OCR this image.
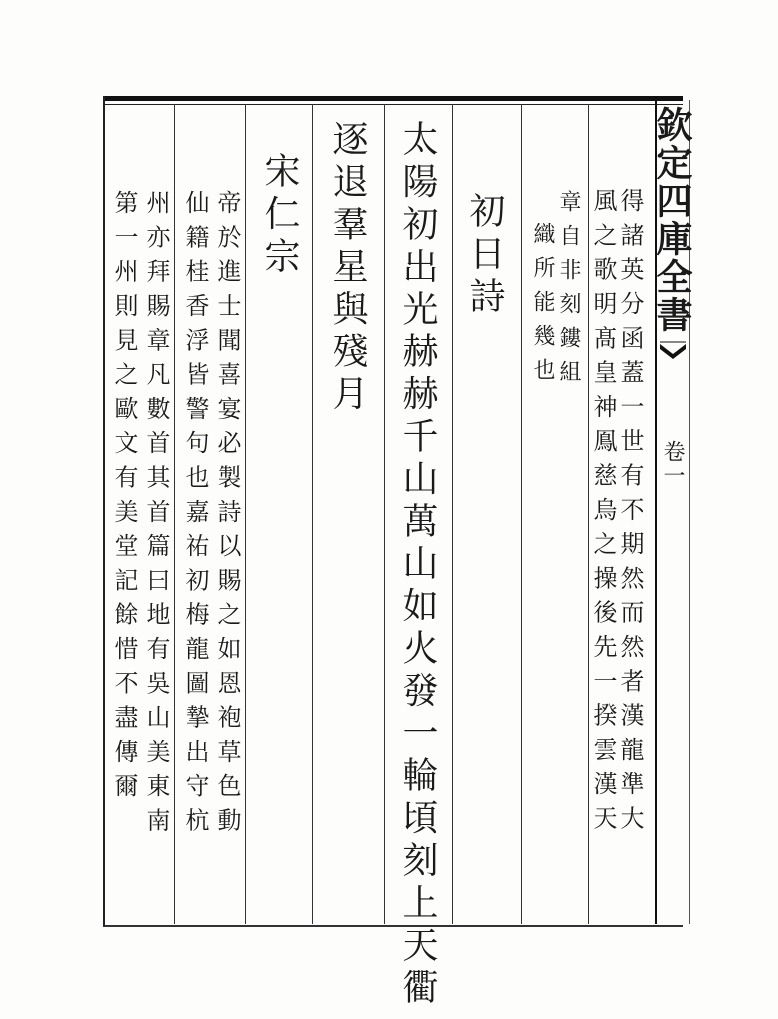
欽定四庫全書
卷一
得諸英分函蓋一世有不期然而然者漢龍準大
風之歌明髙皇神鳯慈烏之操後先一揆雲漢天
章自非刻鏤組
織所能幾也
初日詩
太陽初出光赫赫千山萬山如火發一輪頃刻上天衢
逐退羣星與殘月
宋仁宗
帝於進士聞喜宴必製詩以賜之如恩袍草色動
仙籍桂香浮皆警句也嘉祐初梅龍圖摯出守杭
州亦拜賜章凡數首其首篇曰地有吳山美東南
第一州則見之歐文有美堂記餘惜不盡傳爾
